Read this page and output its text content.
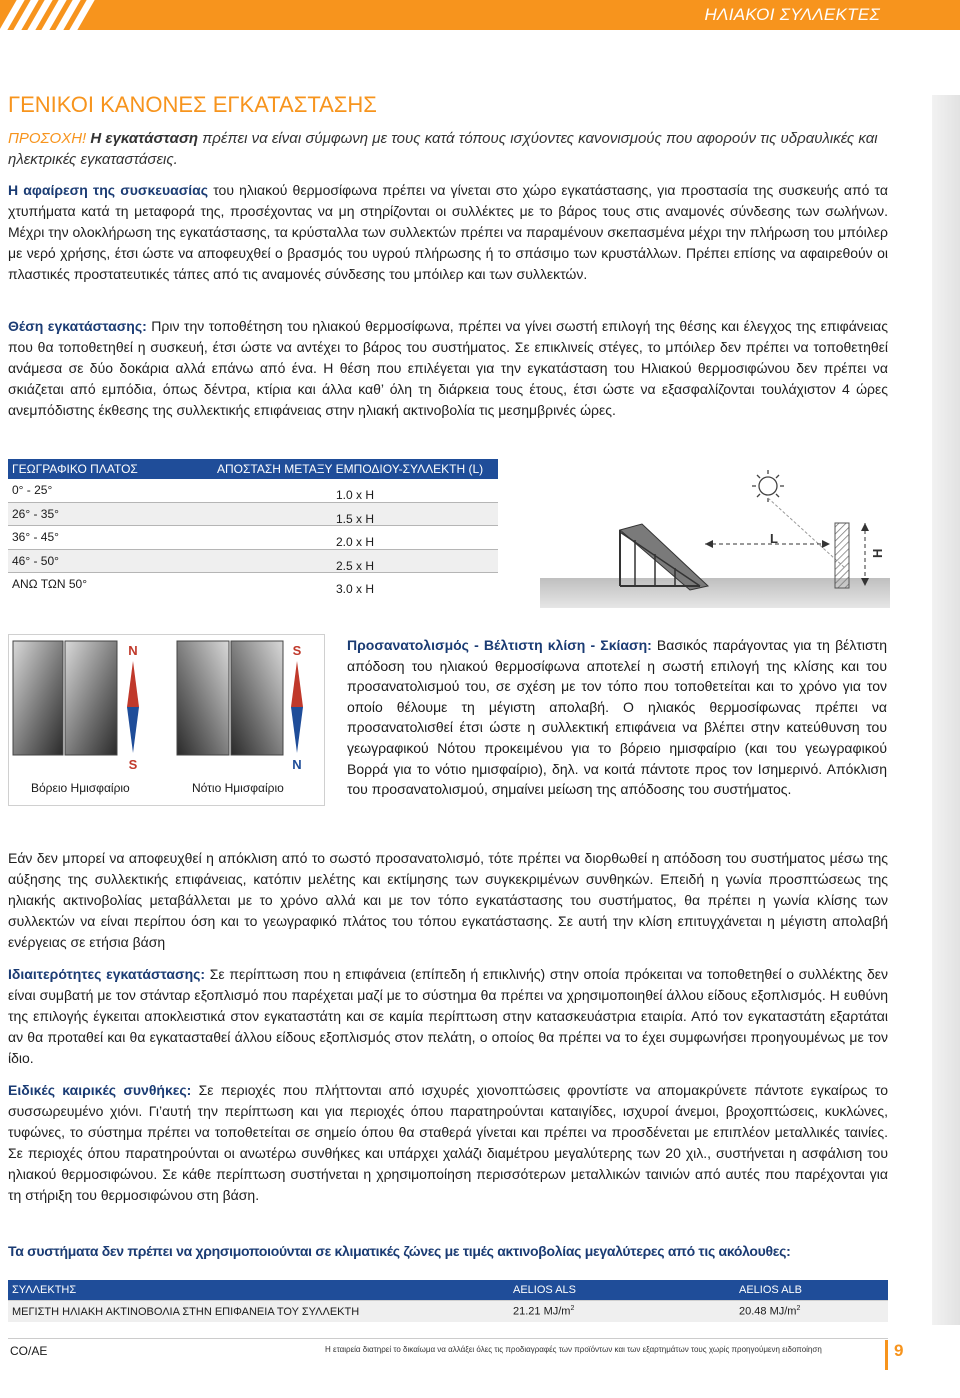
ΗΛΙΑΚΟΙ ΣΥΛΛΕΚΤΕΣ
ΓΕΝΙΚΟΙ ΚΑΝΟΝΕΣ ΕΓΚΑΤΑΣΤΑΣΗΣ
ΠΡΟΣΟΧΗ! Η εγκατάσταση πρέπει να είναι σύμφωνη με τους κατά τόπους ισχύοντες κανονισμούς που αφορούν τις υδραυλικές και ηλεκτρικές εγκαταστάσεις.
Η αφαίρεση της συσκευασίας του ηλιακού θερμοσίφωνα πρέπει να γίνεται στο χώρο εγκατάστασης, για προστασία της συσκευής από τα χτυπήματα κατά τη μεταφορά της, προσέχοντας να μη στηρίζονται οι συλλέκτες με το βάρος τους στις αναμονές σύνδεσης των σωλήνων. Μέχρι την ολοκλήρωση της εγκατάστασης, τα κρύσταλλα των συλλεκτών πρέπει να παραμένουν σκεπασμένα μέχρι την πλήρωση του μπόιλερ με νερό χρήσης, έτσι ώστε να αποφευχθεί ο βρασμός του υγρού πλήρωσης ή το σπάσιμο των κρυστάλλων. Πρέπει επίσης να αφαιρεθούν οι πλαστικές προστατευτικές τάπες από τις αναμονές σύνδεσης του μπόιλερ και των συλλεκτών.
Θέση εγκατάστασης: Πριν την τοποθέτηση του ηλιακού θερμοσίφωνα, πρέπει να γίνει σωστή επιλογή της θέσης και έλεγχος της επιφάνειας που θα τοποθετηθεί η συσκευή, έτσι ώστε να αντέχει το βάρος του συστήματος. Σε επικλινείς στέγες, το μπόιλερ δεν πρέπει να τοποθετηθεί ανάμεσα σε δύο δοκάρια αλλά επάνω από ένα. Η θέση που επιλέγεται για την εγκατάσταση του Ηλιακού θερμοσιφώνου δεν πρέπει να σκιάζεται από εμπόδια, όπως δέντρα, κτίρια και άλλα καθ’ όλη τη διάρκεια τους έτους, έτσι ώστε να εξασφαλίζονται τουλάχιστον 4 ώρες ανεμπόδιστης έκθεσης της συλλεκτικής επιφάνειας στην ηλιακή ακτινοβολία τις μεσημβρινές ώρες.
ΓΕΩΓΡΑΦΙΚΟ ΠΛΑΤΟΣ	ΑΠΟΣΤΑΣΗ ΜΕΤΑΞΥ ΕΜΠΟΔΙΟΥ-ΣΥΛΛΕΚΤΗ (L)
0° - 25°	1.0 x H
26° - 35°	1.5 x H
36° - 45°	2.0 x H
46° - 50°	2.5 x H
ΑΝΩ ΤΩΝ 50°	3.0 x H
L
H
N
S
S
N
Βόρειο Ημισφαίριο	Νότιο Ημισφαίριο
Προσανατολισμός - Βέλτιστη κλίση - Σκίαση: Βασικός παράγοντας για τη βέλτιστη απόδοση του ηλιακού θερμοσίφωνα αποτελεί η σωστή επιλογή της κλίσης και του προσανατολισμού του, σε σχέση με τον τόπο που τοποθετείται και το χρόνο για τον οποίο θέλουμε τη μέγιστη απολαβή. Ο ηλιακός θερμοσίφωνας πρέπει να προσανατολισθεί έτσι ώστε η συλλεκτική επιφάνεια να βλέπει στην κατεύθυνση του γεωγραφικού Νότου προκειμένου για το βόρειο ημισφαίριο (και του γεωγραφικού Βορρά για το νότιο ημισφαίριο), δηλ. να κοιτά πάντοτε προς τον Ισημερινό. Απόκλιση του προσανατολισμού, σημαίνει μείωση της απόδοσης του συστήματος.
Εάν δεν μπορεί να αποφευχθεί η απόκλιση από το σωστό προσανατολισμό, τότε πρέπει να διορθωθεί η απόδοση του συστήματος μέσω της αύξησης της συλλεκτικής επιφάνειας, κατόπιν μελέτης και εκτίμησης των συγκεκριμένων συνθηκών. Επειδή η γωνία προσπτώσεως της ηλιακής ακτινοβολίας μεταβάλλεται με το χρόνο αλλά και με τον τόπο εγκατάστασης του συστήματος, θα πρέπει η γωνία κλίσης των συλλεκτών να είναι περίπου όση και το γεωγραφικό πλάτος του τόπου εγκατάστασης. Σε αυτή την κλίση επιτυγχάνεται η μέγιστη απολαβή ενέργειας σε ετήσια βάση
Ιδιαιτερότητες εγκατάστασης: Σε περίπτωση που η επιφάνεια (επίπεδη ή επικλινής) στην οποία πρόκειται να τοποθετηθεί ο συλλέκτης δεν είναι συμβατή με τον στάνταρ εξοπλισμό που παρέχεται μαζί με το σύστημα θα πρέπει να χρησιμοποιηθεί άλλου είδους εξοπλισμός. Η ευθύνη της επιλογής έγκειται αποκλειστικά στον εγκαταστάτη και σε καμία περίπτωση στην κατασκευάστρια εταιρία. Από τον εγκαταστάτη εξαρτάται αν θα προταθεί και θα εγκατασταθεί άλλου είδους εξοπλισμός στον πελάτη, ο οποίος θα πρέπει να το έχει συμφωνήσει προηγουμένως με τον ίδιο.
Ειδικές καιρικές συνθήκες: Σε περιοχές που πλήττονται από ισχυρές χιονοπτώσεις φροντίστε να απομακρύνετε πάντοτε εγκαίρως το συσσωρευμένο χιόνι. Γι’αυτή την περίπτωση και για περιοχές όπου παρατηρούνται καταιγίδες, ισχυροί άνεμοι, βροχοπτώσεις, κυκλώνες, τυφώνες, το σύστημα πρέπει να τοποθετείται σε σημείο όπου θα σταθερά γίνεται και πρέπει να προσδένεται με επιπλέον μεταλλικές ταινίες. Σε περιοχές όπου παρατηρούνται οι ανωτέρω συνθήκες και υπάρχει χαλάζι διαμέτρου μεγαλύτερης των 20 χιλ., συστήνεται η ασφάλιση του ηλιακού θερμοσιφώνου. Σε κάθε περίπτωση συστήνεται η χρησιμοποίηση περισσότερων μεταλλικών ταινιών από αυτές που παρέχονται για τη στήριξη του θερμοσιφώνου στη βάση.
Τα συστήματα δεν πρέπει να χρησιμοποιούνται σε κλιματικές ζώνες με τιμές ακτινοβολίας μεγαλύτερες από τις ακόλουθες:
ΣΥΛΛΕΚΤΗΣ	AELIOS ALS	AELIOS ALB
ΜΕΓΙΣΤΗ ΗΛΙΑΚΗ ΑΚΤΙΝΟΒΟΛΙΑ ΣΤΗΝ ΕΠΙΦΑΝΕΙΑ ΤΟΥ ΣΥΛΛΕΚΤΗ	21.21 $MJ/m^2$	20.48 $MJ/m^2$
CO/AE	Η εταιρεία διατηρεί το δικαίωμα να αλλάξει όλες τις προδιαγραφές των προϊόντων και των εξαρτημάτων τους χωρίς προηγούμενη ειδοποίηση	9
